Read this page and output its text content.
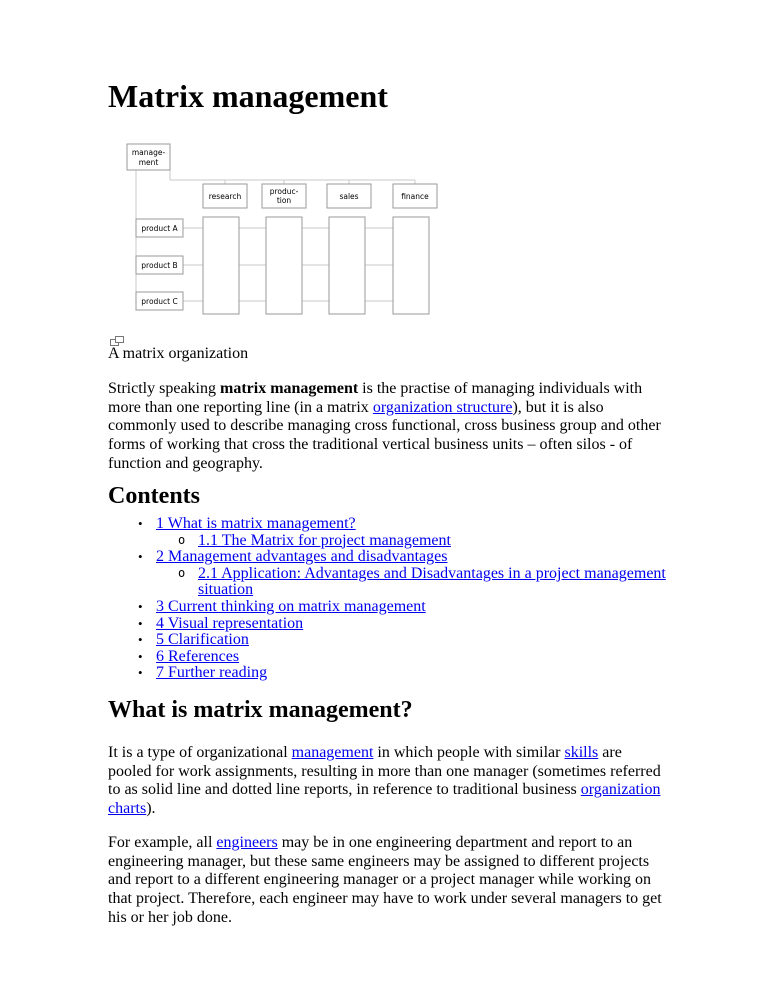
Matrix management
manage-
ment
research
produc-
tion	sales	finance
product A
product B
product C
A matrix organization

Strictly speaking matrix management is the practise of managing individuals with more than one reporting line (in a matrix organization structure), but it is also commonly used to describe managing cross functional, cross business group and other forms of working that cross the traditional vertical business units – often silos - of function and geography.

Contents
• 1 What is matrix management?
o 1.1 The Matrix for project management
• 2 Management advantages and disadvantages
o 2.1 Application: Advantages and Disadvantages in a project management situation
• 3 Current thinking on matrix management
• 4 Visual representation
• 5 Clarification
• 6 References
• 7 Further reading
What is matrix management?

It is a type of organizational management in which people with similar skills are pooled for work assignments, resulting in more than one manager (sometimes referred to as solid line and dotted line reports, in reference to traditional business organization charts).

For example, all engineers may be in one engineering department and report to an engineering manager, but these same engineers may be assigned to different projects and report to a different engineering manager or a project manager while working on that project. Therefore, each engineer may have to work under several managers to get his or her job done.
